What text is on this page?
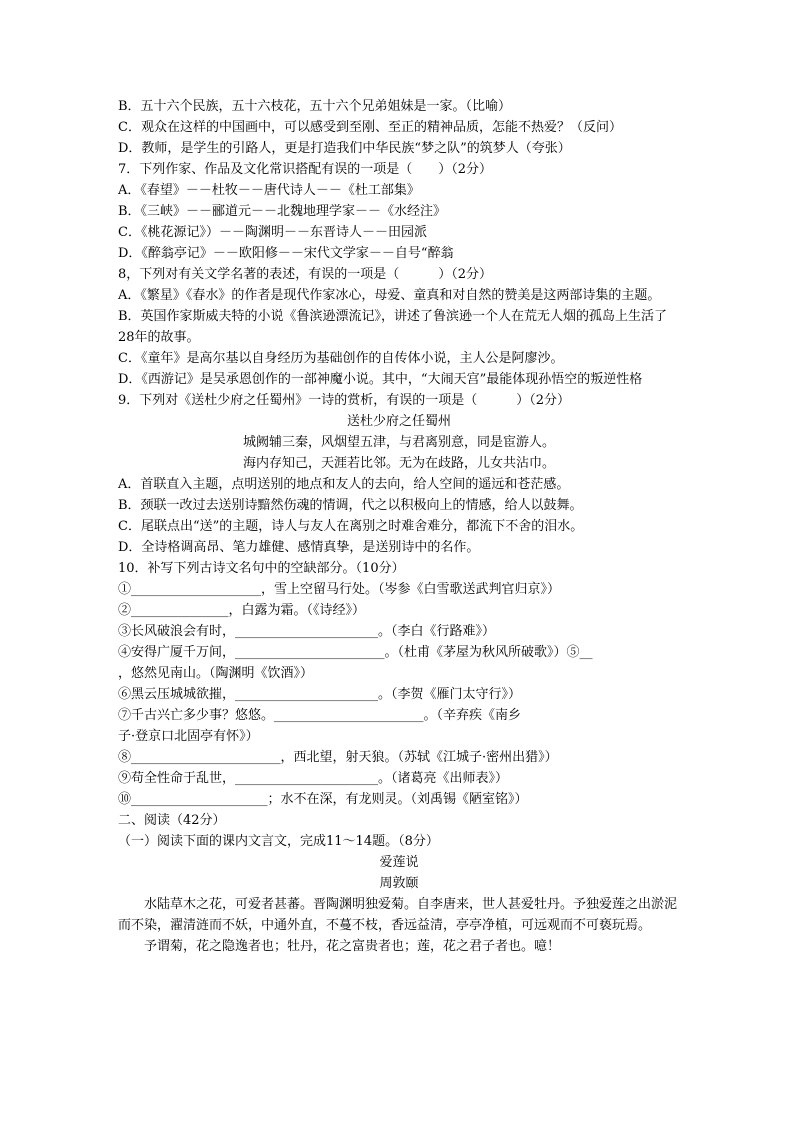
B．五十六个民族，五十六枝花，五十六个兄弟姐妹是一家。（比喻）
C．观众在这样的中国画中，可以感受到至刚、至正的精神品质，怎能不热爱？（反问）
D．教师，是学生的引路人，更是打造我们中华民族“梦之队”的筑梦人（夸张）
7．下列作家、作品及文化常识搭配有误的一项是（　　）（2分）
A．《春望》－－杜牧－－唐代诗人－－《杜工部集》
B．《三峡》－－郦道元－－北魏地理学家－－《水经注》
C．《桃花源记》）－－陶渊明－－东晋诗人－－田园派
D．《醉翁亭记》－－欧阳修－－宋代文学家－－自号“醉翁
8，下列对有关文学名著的表述，有误的一项是（　　　）（2分）
A．《繁星》《春水》的作者是现代作家冰心，母爱、童真和对自然的赞美是这两部诗集的主题。
B．英国作家斯威夫特的小说《鲁滨逊漂流记》，讲述了鲁滨逊一个人在荒无人烟的孤岛上生活了28年的故事。
C．《童年》是高尔基以自身经历为基础创作的自传体小说，主人公是阿廖沙。
D．《西游记》是吴承恩创作的一部神魔小说。其中，“大闹天宫”最能体现孙悟空的叛逆性格
9．下列对《送杜少府之任蜀州》一诗的赏析，有误的一项是（　　　）（2分）
送杜少府之任蜀州
城阙辅三秦，风烟望五津，与君离别意，同是宦游人。
海内存知己，天涯若比邻。无为在歧路，儿女共沾巾。
A．首联直入主题，点明送别的地点和友人的去向，给人空间的遥远和苍茫感。
B．颈联一改过去送别诗黯然伤魂的情调，代之以积极向上的情感，给人以鼓舞。
C．尾联点出“送”的主题，诗人与友人在离别之时难舍难分，都流下不舍的泪水。
D．全诗格调高昂、笔力雄健、感情真挚，是送别诗中的名作。
10．补写下列古诗文名句中的空缺部分。（10分）
①____________________，雪上空留马行处。（岑参《白雪歌送武判官归京》）
②_______________，白露为霜。（《诗经》）
③长风破浪会有时，______________________。（李白《行路难》）
④安得广厦千万间，_______________________。（杜甫《茅屋为秋风所破歌》）⑤__
，悠然见南山。（陶渊明《饮酒》）
⑥黑云压城城欲摧，______________________。（李贺《雁门太守行》）
⑦千古兴亡多少事？悠悠。_______________________。（辛弃疾《南乡
子·登京口北固亭有怀》）
⑧_______________________，西北望，射天狼。（苏轼《江城子·密州出猎》）
⑨苟全性命于乱世，______________________。（诸葛亮《出师表》）
⑩_____________________；水不在深，有龙则灵。（刘禹锡《陋室铭》）
二、阅读（42分）
（一）阅读下面的课内文言文，完成11～14题。（8分）
爱莲说
周敦颐
水陆草木之花，可爱者甚蕃。晋陶渊明独爱菊。自李唐来，世人甚爱牡丹。予独爱莲之出淤泥而不染，濯清涟而不妖，中通外直，不蔓不枝，香远益清，亭亭净植，可远观而不可亵玩焉。
予谓菊，花之隐逸者也；牡丹，花之富贵者也；莲，花之君子者也。噫！
